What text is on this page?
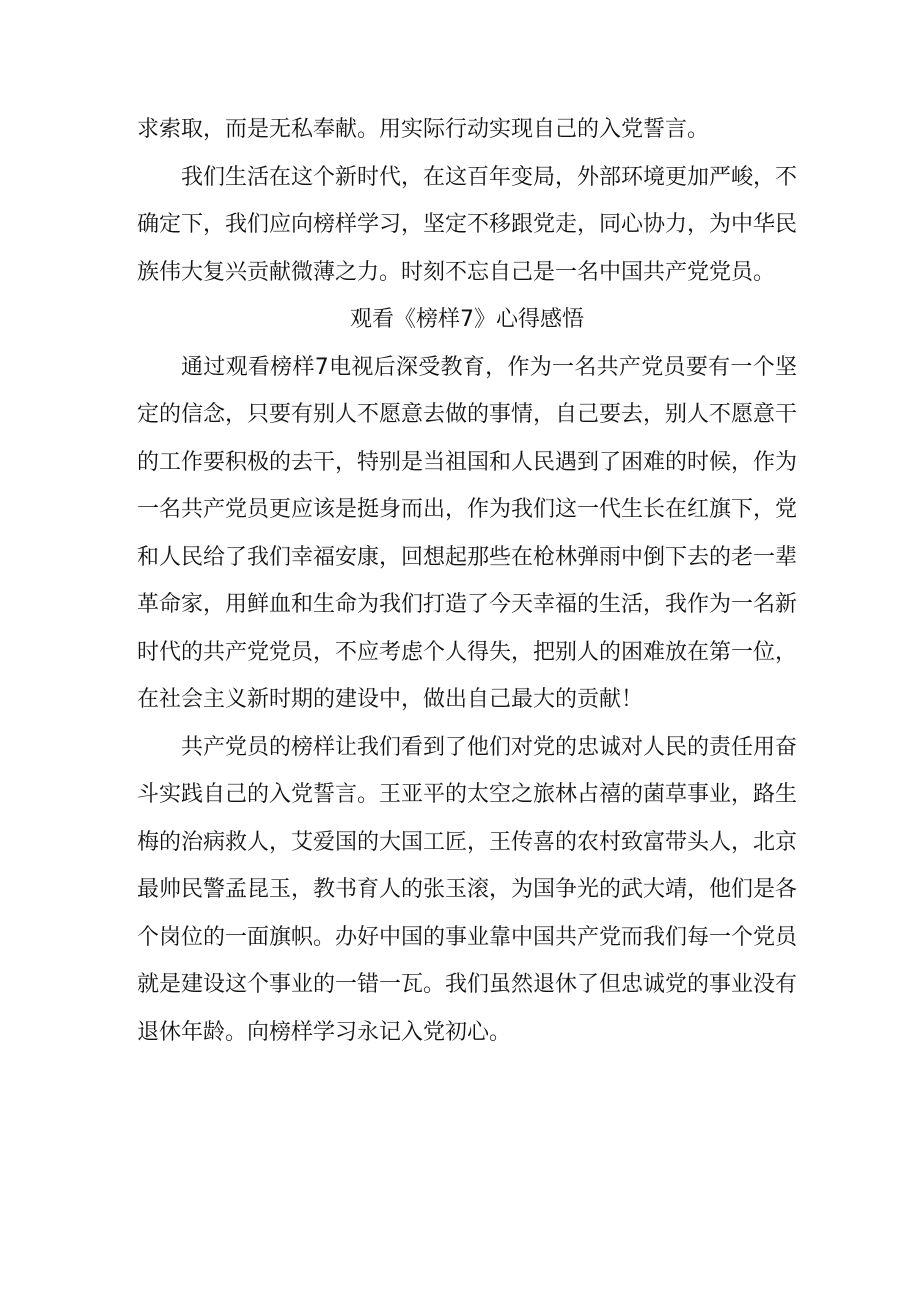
求索取，而是无私奉献。用实际行动实现自己的入党誓言。

我们生活在这个新时代，在这百年变局，外部环境更加严峻，不确定下，我们应向榜样学习，坚定不移跟党走，同心协力，为中华民族伟大复兴贡献微薄之力。时刻不忘自己是一名中国共产党党员。

观看《榜样7》心得感悟

通过观看榜样7电视后深受教育，作为一名共产党员要有一个坚定的信念，只要有别人不愿意去做的事情，自己要去，别人不愿意干的工作要积极的去干，特别是当祖国和人民遇到了困难的时候，作为一名共产党员更应该是挺身而出，作为我们这一代生长在红旗下，党和人民给了我们幸福安康，回想起那些在枪林弹雨中倒下去的老一辈革命家，用鲜血和生命为我们打造了今天幸福的生活，我作为一名新时代的共产党党员，不应考虑个人得失，把别人的困难放在第一位，在社会主义新时期的建设中，做出自己最大的贡献！

共产党员的榜样让我们看到了他们对党的忠诚对人民的责任用奋斗实践自己的入党誓言。王亚平的太空之旅林占禧的菌草事业，路生梅的治病救人，艾爱国的大国工匠，王传喜的农村致富带头人，北京最帅民警孟昆玉，教书育人的张玉滚，为国争光的武大靖，他们是各个岗位的一面旗帜。办好中国的事业靠中国共产党而我们每一个党员就是建设这个事业的一错一瓦。我们虽然退休了但忠诚党的事业没有退休年龄。向榜样学习永记入党初心。
